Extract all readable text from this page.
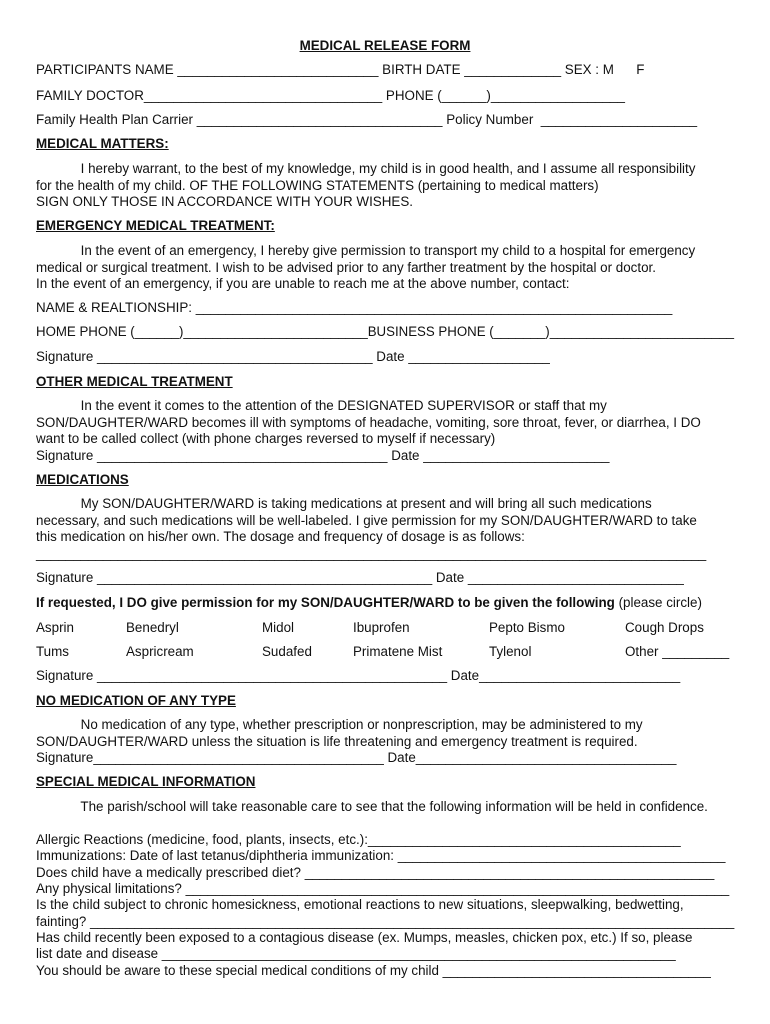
MEDICAL RELEASE FORM
PARTICIPANTS NAME ___________________________ BIRTH DATE _____________ SEX : M      F
FAMILY DOCTOR________________________________ PHONE (______)__________________
Family Health Plan Carrier _________________________________ Policy Number  _____________________
MEDICAL MATTERS:
I hereby warrant, to the best of my knowledge, my child is in good health, and I assume all responsibility
for the health of my child. OF THE FOLLOWING STATEMENTS (pertaining to medical matters)
SIGN ONLY THOSE IN ACCORDANCE WITH YOUR WISHES.
EMERGENCY MEDICAL TREATMENT:
In the event of an emergency, I hereby give permission to transport my child to a hospital for emergency
medical or surgical treatment. I wish to be advised prior to any farther treatment by the hospital or doctor.
In the event of an emergency, if you are unable to reach me at the above number, contact:
NAME & REALTIONSHIP: ________________________________________________________________
HOME PHONE (______)_________________________BUSINESS PHONE (_______)_________________________
Signature _____________________________________ Date ___________________
OTHER MEDICAL TREATMENT
In the event it comes to the attention of the DESIGNATED SUPERVISOR or staff that my
SON/DAUGHTER/WARD becomes ill with symptoms of headache, vomiting, sore throat, fever, or diarrhea, I DO
want to be called collect (with phone charges reversed to myself if necessary)
Signature _______________________________________ Date _________________________
MEDICATIONS
My SON/DAUGHTER/WARD is taking medications at present and will bring all such medications
necessary, and such medications will be well-labeled. I give permission for my SON/DAUGHTER/WARD to take
this medication on his/her own. The dosage and frequency of dosage is as follows:
__________________________________________________________________________________________
Signature _____________________________________________ Date _____________________________
If requested, I DO give permission for my SON/DAUGHTER/WARD to be given the following (please circle)
Asprin	Benedryl	Midol	Ibuprofen	Pepto Bismo	Cough Drops
Tums	Aspricream	Sudafed	Primatene Mist	Tylenol	Other _________
Signature _______________________________________________ Date___________________________
NO MEDICATION OF ANY TYPE
No medication of any type, whether prescription or nonprescription, may be administered to my
SON/DAUGHTER/WARD unless the situation is life threatening and emergency treatment is required.
Signature_______________________________________ Date___________________________________
SPECIAL MEDICAL INFORMATION
The parish/school will take reasonable care to see that the following information will be held in confidence.
Allergic Reactions (medicine, food, plants, insects, etc.):__________________________________________
Immunizations: Date of last tetanus/diphtheria immunization: ____________________________________________
Does child have a medically prescribed diet? _______________________________________________________
Any physical limitations? _________________________________________________________________________
Is the child subject to chronic homesickness, emotional reactions to new situations, sleepwalking, bedwetting,
fainting? _______________________________________________________________________________________
Has child recently been exposed to a contagious disease (ex. Mumps, measles, chicken pox, etc.) If so, please
list date and disease _____________________________________________________________________
You should be aware to these special medical conditions of my child ____________________________________
